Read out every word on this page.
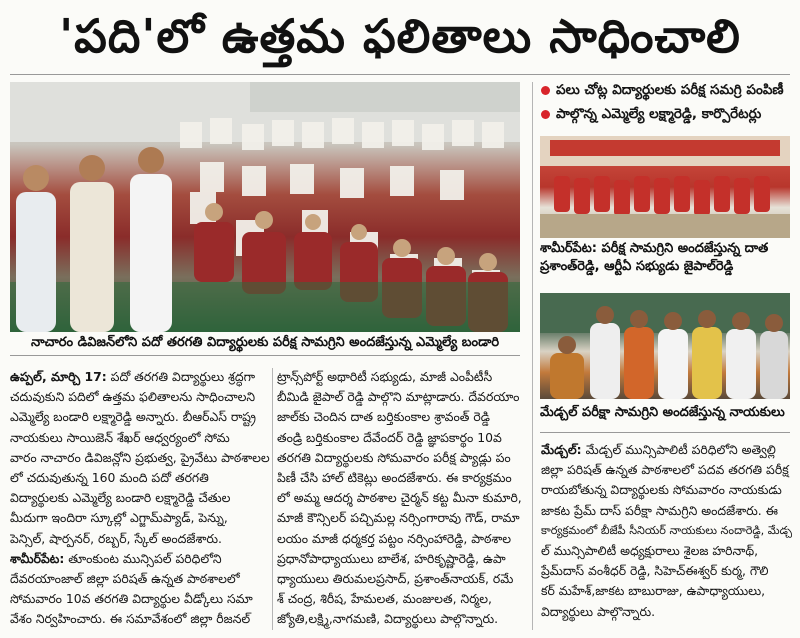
'పది'లో ఉత్తమ ఫలితాలు సాధించాలి
నాచారం డివిజన్‌లోని పదో తరగతి విద్యార్థులకు పరీక్ష సామగ్రిని అందజేస్తున్న ఎమ్మెల్యే బండారి
పలు చోట్ల విద్యార్థులకు పరీక్ష సమగ్రి పంపిణీ
పాల్గొన్న ఎమ్మెల్యే లక్ష్మారెడ్డి, కార్పొరేటర్లు
శామీర్‌పేట: పరీక్ష సామగ్రిని అందజేస్తున్న దాత
ప్రశాంత్‌రెడ్డి, ఆర్టీఏ సభ్యుడు జైపాల్‌రెడ్డి
మేడ్చల్ పరీక్షా సామగ్రిని అందజేస్తున్న నాయకులు
ఉప్పల్, మార్చి 17: పదో తరగతి విద్యార్థులు శ్రద్ధగా
చదువుకుని పదిలో ఉత్తమ ఫలితాలను సాధించాలని
ఎమ్మెల్యే బండారి లక్ష్మారెడ్డి అన్నారు. బీఆర్ఎస్ రాష్ట్ర
నాయకులు సాయిజెన్ శేఖర్ ఆధ్వర్యంలో సోమ
వారం నాచారం డివిజన్లోని ప్రభుత్వ, ప్రైవేటు పాఠశాలల
లో చదువుతున్న 160 మంది పదో తరగతి
విద్యార్థులకు ఎమ్మెల్యే బండారి లక్ష్మారెడ్డి చేతుల
మీదుగా ఇందిరా స్కూల్లో ఎగ్జామ్‌ప్యాడ్, పెన్ను,
పెన్సిల్, షార్పనర్, రబ్బర్, స్కేల్ అందజేశారు.
శామీర్‌పేట: తూంకుంట మున్సిపల్ పరిధిలోని
దేవరయాంజాల్ జిల్లా పరిషత్ ఉన్నత పాఠశాలలో
సోమవారం 10వ తరగతి విద్యార్థుల వీడ్కోలు సమా
వేశం నిర్వహించారు. ఈ సమావేశంలో జిల్లా రీజనల్
ట్రాన్స్‌పోర్ట్ అథారిటీ సభ్యుడు, మాజీ ఎంపీటీసీ
బీమిడి జైపాల్ రెడ్డి పాల్గొని మాట్లాడారు. దేవరయాం
జాల్‌కు చెందిన దాత బర్తికుంకాల శ్రావంత్ రెడ్డి
తండ్రి బర్తికుంకాల దేవేందర్ రెడ్డి జ్ఞాపకార్థం 10వ
తరగతి విద్యార్థులకు సోమవారం పరీక్ష ప్యాడ్లు పం
పిణీ చేసి హాల్ టికెట్లు అందజేశారు. ఈ కార్యక్రమం
లో అమ్మ ఆదర్శ పాఠశాల చైర్మన్ కట్ట మీనా కుమారి,
మాజీ కౌన్సిలర్ పచ్చిమల్ల నర్సింగారావు గౌడ్, రామా
లయం మాజీ ధర్మకర్త పట్టం నర్సింహారెడ్డి, పాఠశాల
ప్రధానోపాధ్యాయులు బాలేశ, హరికృష్ణారెడ్డి, ఉపా
ధ్యాయులు తిరుమలప్రసాద్, ప్రశాంత్‌నాయక్, రమే
శ్ చంద్ర, శిరీష, హేమలత, మంజులత, నిర్మల,
జ్యోతి,లక్ష్మి,నాగమణి, విద్యార్థులు పాల్గొన్నారు.
మేడ్చల్: మేడ్చల్ మున్సిపాలిటీ పరిధిలోని అత్వెల్లి
జిల్లా పరిషత్ ఉన్నత పాఠశాలలో పదవ తరగతి పరీక్ష
రాయబోతున్న విద్యార్థులకు సోమవారం నాయకుడు
జాకట ప్రేమ్ దాస్ పరీక్షా సామగ్రిని అందజేశారు. ఈ
కార్యక్రమంలో బీజేపీ సీనియర్ నాయకులు నందారెడ్డి, మేడ్చ
ల్ మున్సిపాలిటీ అధ్యక్షురాలు శైలజ హరినాథ్,
ప్రేమ్‌దాస్ వంశీధర్ రెడ్డి, సిహెచ్ఈశ్వర్ కుర్మ, గౌలి
కర్ మహేశ్,జాకట బాబురాజు, ఉపాధ్యాయులు,
విద్యార్థులు పాల్గొన్నారు.
